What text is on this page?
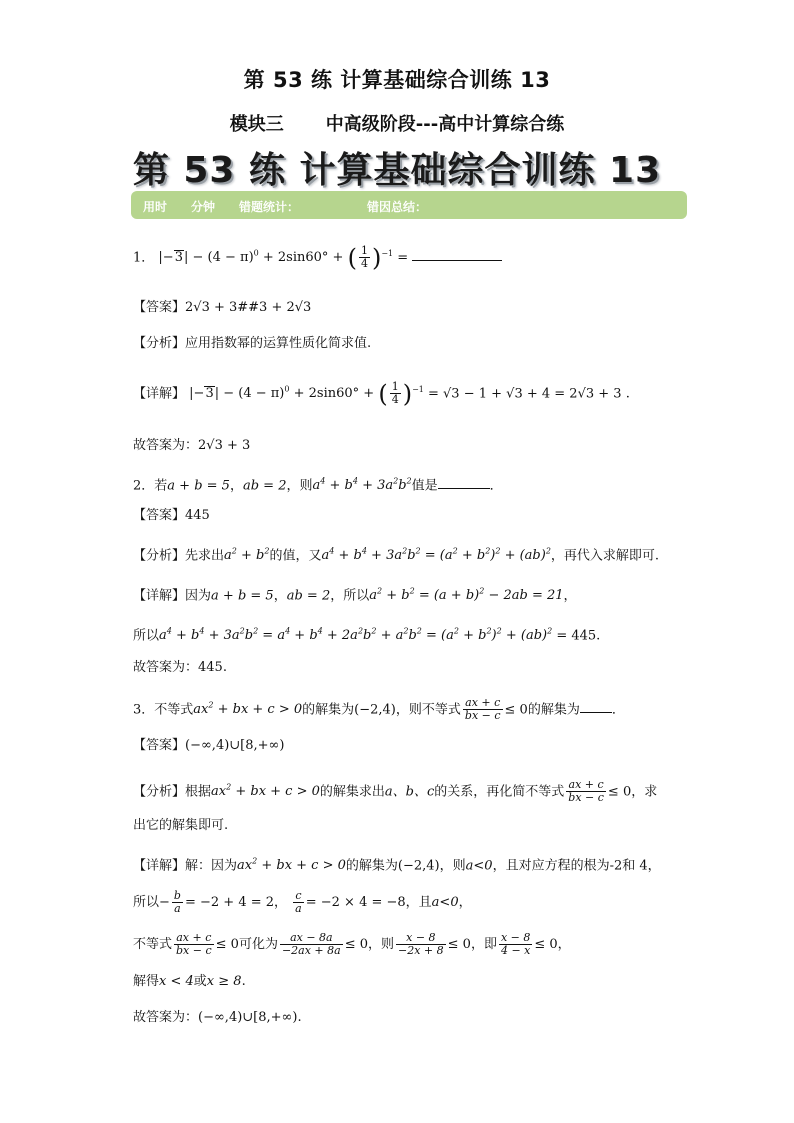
第 53 练 计算基础综合训练 13
模块三 中高级阶段---高中计算综合练
第 53 练 计算基础综合训练 13
用时 分钟 错题统计：	错因总结：
1． $|-3| - (4 - \pi)^0 + 2\sin 60^\circ$ + ( $\frac{1}{4} )^{-1}$ =
【答案】2√3 + 3##3 + 2√3
【分析】应用指数幂的运算性质化简求值.
【详解】 $|-3| - (4 - \pi)^0 + 2\sin 60^\circ$ + ( $\frac{1}{4} )^{-1} = √3 - 1 + √3 + 4 = 2√3 + 3$ .
故答案为：2√3 + 3
2．若a + b = 5，ab = 2，则$a^4 + b^4 + 3a^2b^2$值是	．
【答案】445
【分析】先求出$a^2 + b^2$的值，又$a^4 + b^4 + 3a^2b^2 = (a^2 + b^2)^2 + (ab)^2$，再代入求解即可.
【详解】因为a + b = 5，ab = 2，所以$a^2 + b^2 = (a + b)^2 - 2ab = 21$，
所以$a^4 + b^4 + 3a^2b^2 = a^4 + b^4 + 2a^2b^2 + a^2b^2 = (a^2 + b^2)^2 + (ab)^2 = 445$.
故答案为：445.
3．不等式$ax^2$ + bx + c > 0的解集为(−2,4)，则不等式 $\frac{ax + c}{bx - c} \le 0$的解集为 ．
【答案】(−∞,4)∪[8,+∞)
【分析】根据$ax^2$ + bx + c > 0的解集求出a、b、c的关系，再化简不等式 $\frac{ax + c}{bx - c} \le 0$，求
出它的解集即可.
【详解】解：因为$ax^2$ + bx + c > 0的解集为(−2,4)，则a<0，且对应方程的根为-2和 4，
所以− $\frac{b}{a} = -2 + 4 = 2$， $\frac{c}{a} = -2 \times 4 = -8$，且a<0，
不等式 $\frac{ax + c}{bx - c} \le 0$可化为 $\frac{ax - 8a}{-2ax + 8a} \le 0$，则 $\frac{x - 8}{-2x + 8} \le 0$，即 $\frac{x - 8}{4 - x} \le 0$，
解得x < 4或x ≥ 8.
故答案为：(−∞,4)∪[8,+∞).
